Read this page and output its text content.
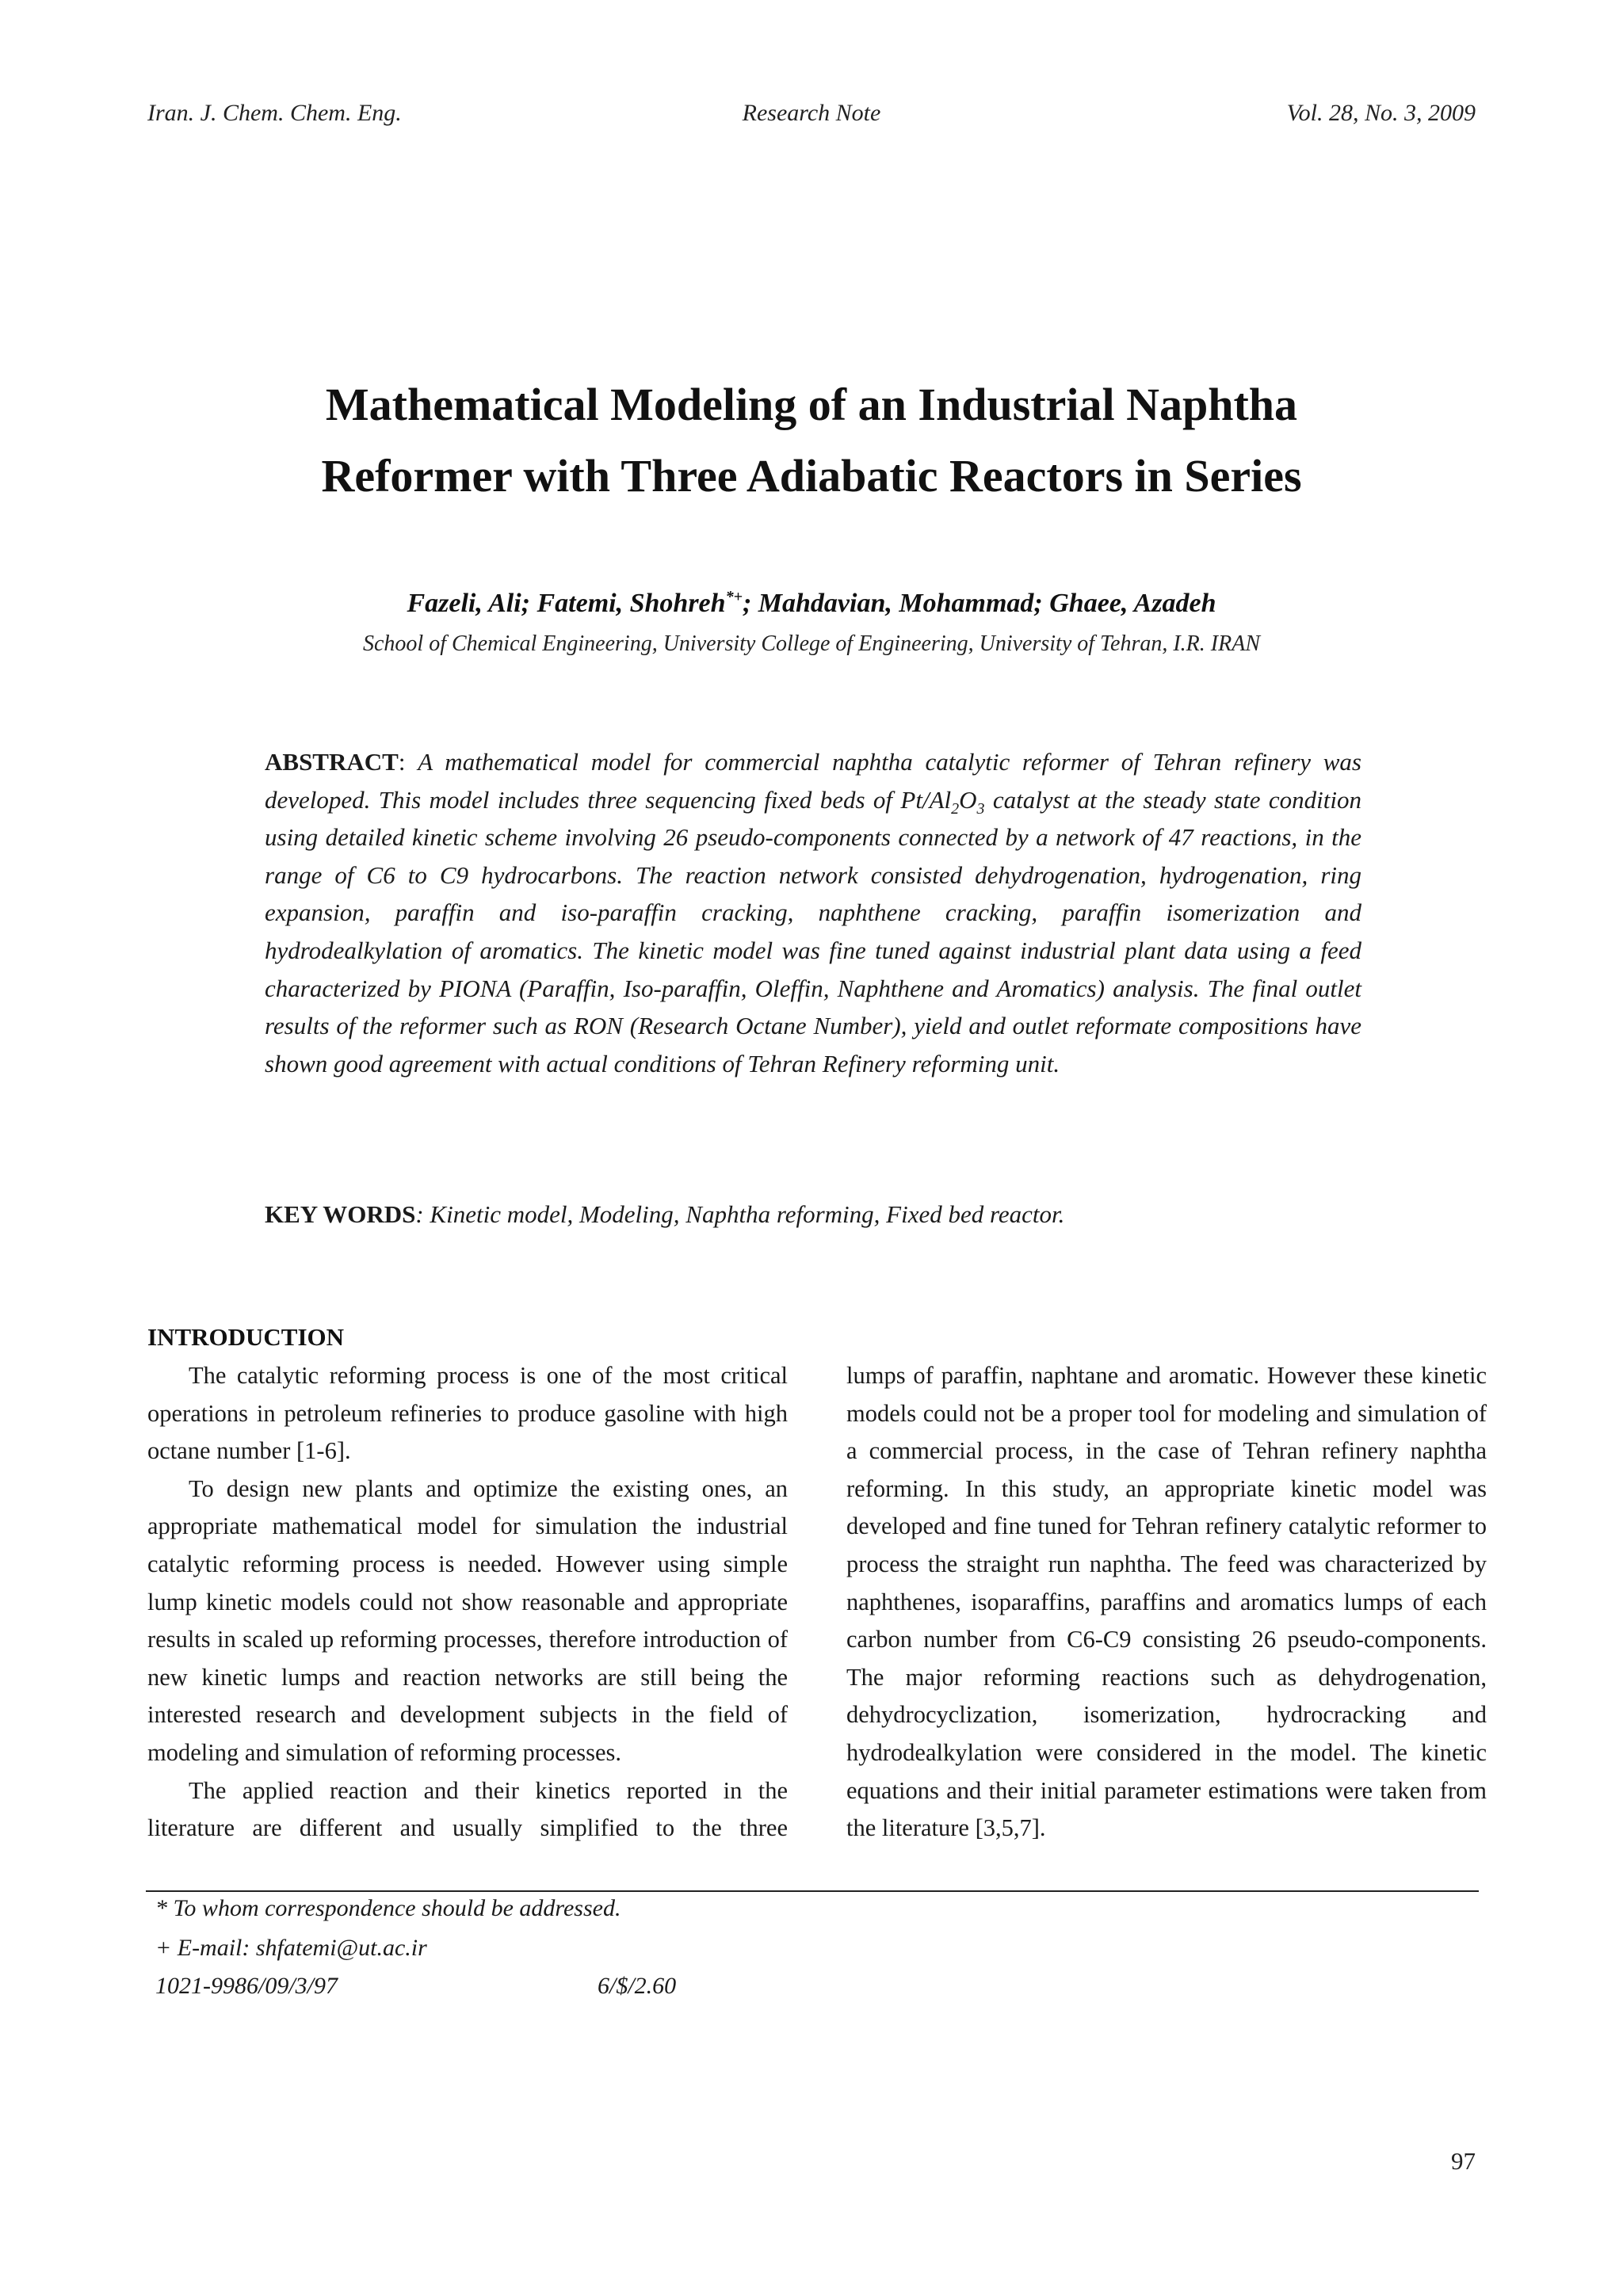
Iran. J. Chem. Chem. Eng.	Research Note	Vol. 28, No. 3, 2009
Mathematical Modeling of an Industrial Naphtha
Reformer with Three Adiabatic Reactors in Series
Fazeli, Ali; Fatemi, Shohreh*+; Mahdavian, Mohammad; Ghaee, Azadeh
School of Chemical Engineering, University College of Engineering, University of Tehran, I.R. IRAN
ABSTRACT: A mathematical model for commercial naphtha catalytic reformer of Tehran refinery was developed. This model includes three sequencing fixed beds of $Pt/Al_2O_3$ catalyst at the steady state condition using detailed kinetic scheme involving 26 pseudo-components connected by a network of 47 reactions, in the range of C6 to C9 hydrocarbons. The reaction network consisted dehydrogenation, hydrogenation, ring expansion, paraffin and iso-paraffin cracking, naphthene cracking, paraffin isomerization and hydrodealkylation of aromatics. The kinetic model was fine tuned against industrial plant data using a feed characterized by PIONA (Paraffin, Iso-paraffin, Oleffin, Naphthene and Aromatics) analysis. The final outlet results of the reformer such as RON (Research Octane Number), yield and outlet reformate compositions have shown good agreement with actual conditions of Tehran Refinery reforming unit.
KEY WORDS: Kinetic model, Modeling, Naphtha reforming, Fixed bed reactor.
INTRODUCTION

The catalytic reforming process is one of the most critical operations in petroleum refineries to produce gasoline with high octane number [1-6].

To design new plants and optimize the existing ones, an appropriate mathematical model for simulation the industrial catalytic reforming process is needed. However using simple lump kinetic models could not show reasonable and appropriate results in scaled up reforming processes, therefore introduction of new kinetic lumps and reaction networks are still being the interested research and development subjects in the field of modeling and simulation of reforming processes.

The applied reaction and their kinetics reported in the literature are different and usually simplified to the three

lumps of paraffin, naphtane and aromatic. However these kinetic models could not be a proper tool for modeling and simulation of a commercial process, in the case of Tehran refinery naphtha reforming. In this study, an appropriate kinetic model was developed and fine tuned for Tehran refinery catalytic reformer to process the straight run naphtha. The feed was characterized by naphthenes, isoparaffins, paraffins and aromatics lumps of each carbon number from C6-C9 consisting 26 pseudo-components. The major reforming reactions such as dehydrogenation, dehydrocyclization, isomerization, hydrocracking and hydrodealkylation were considered in the model. The kinetic equations and their initial parameter estimations were taken from the literature [3,5,7].

* To whom correspondence should be addressed.
+ E-mail: shfatemi@ut.ac.ir
1021-9986/09/3/97	6/$/2.60
97
